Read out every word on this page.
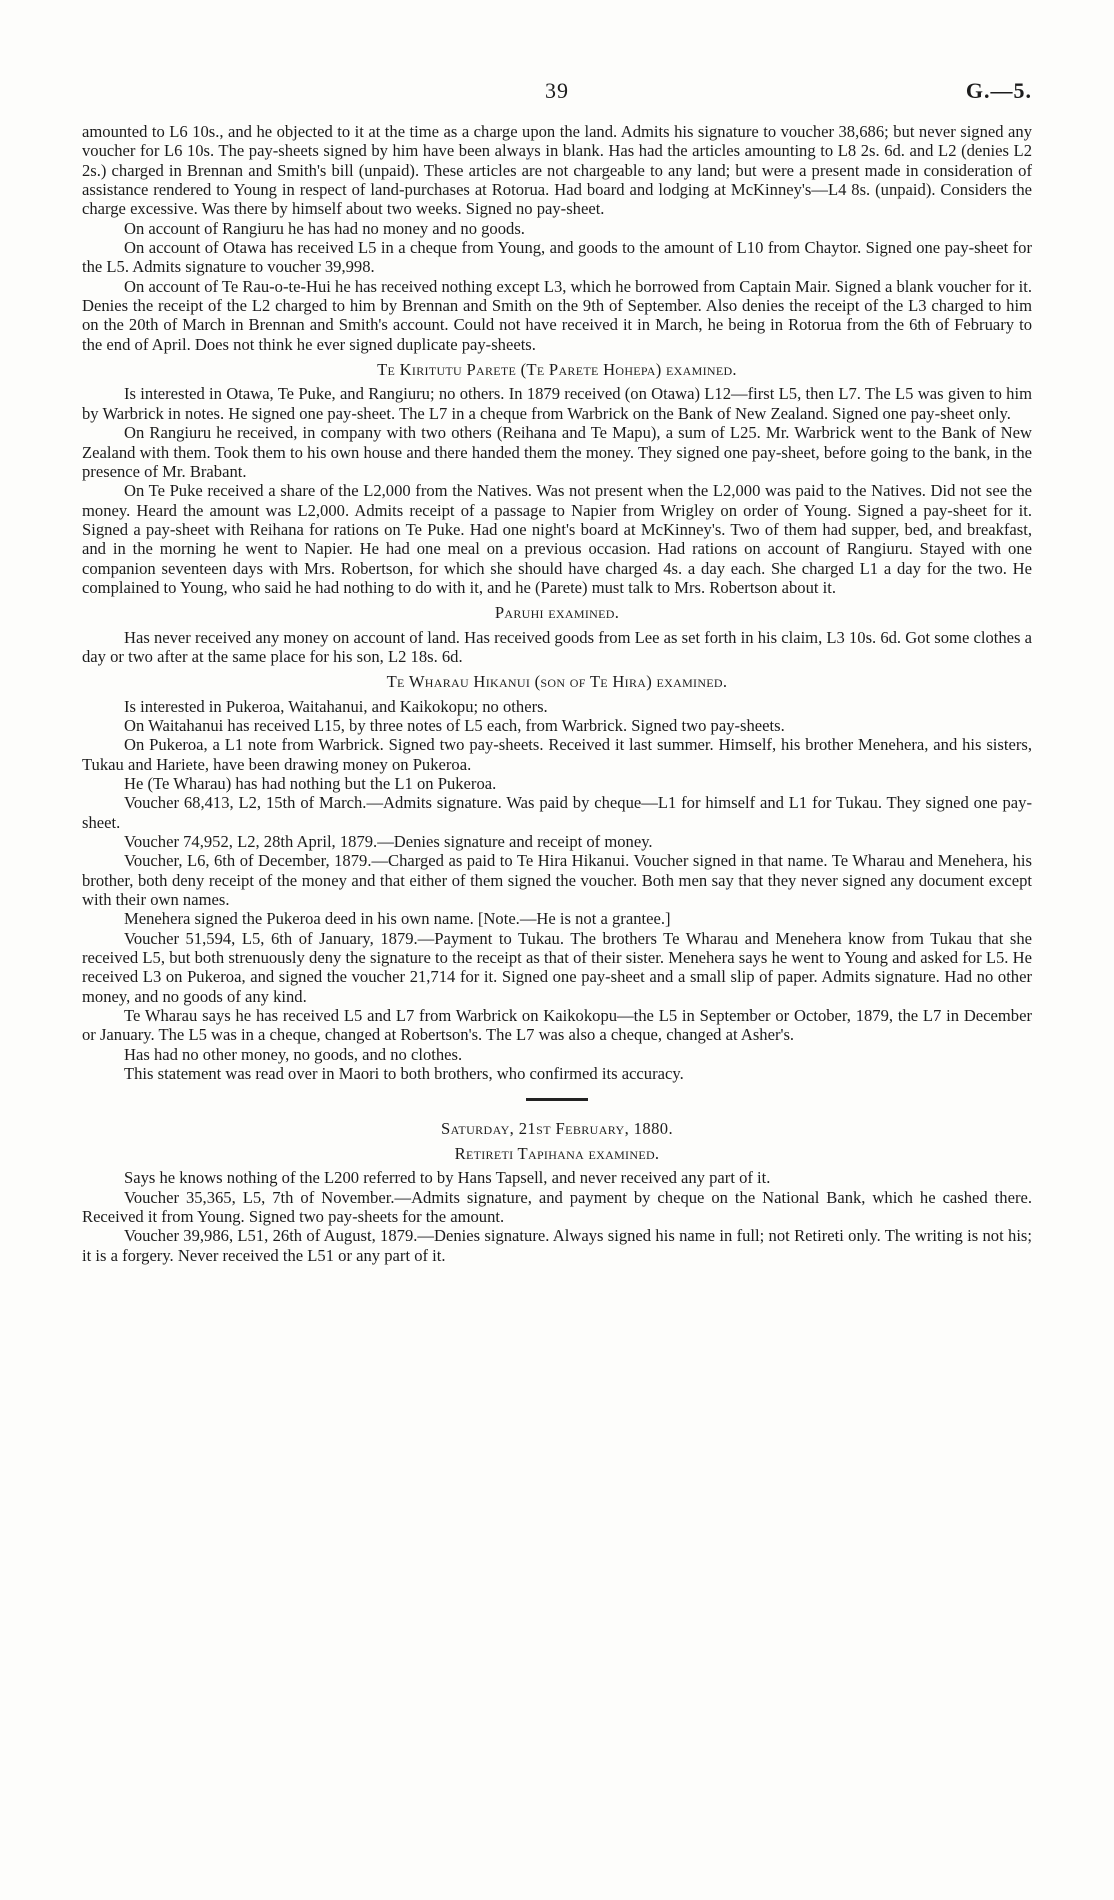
39	G.—5.

amounted to L6 10s., and he objected to it at the time as a charge upon the land. Admits his signature to voucher 38,686; but never signed any voucher for L6 10s. The pay-sheets signed by him have been always in blank. Has had the articles amounting to L8 2s. 6d. and L2 (denies L2 2s.) charged in Brennan and Smith's bill (unpaid). These articles are not chargeable to any land; but were a present made in consideration of assistance rendered to Young in respect of land-purchases at Rotorua. Had board and lodging at McKinney's—L4 8s. (unpaid). Considers the charge excessive. Was there by himself about two weeks. Signed no pay-sheet.

On account of Rangiuru he has had no money and no goods.

On account of Otawa has received L5 in a cheque from Young, and goods to the amount of L10 from Chaytor. Signed one pay-sheet for the L5. Admits signature to voucher 39,998.

On account of Te Rau-o-te-Hui he has received nothing except L3, which he borrowed from Captain Mair. Signed a blank voucher for it. Denies the receipt of the L2 charged to him by Brennan and Smith on the 9th of September. Also denies the receipt of the L3 charged to him on the 20th of March in Brennan and Smith's account. Could not have received it in March, he being in Rotorua from the 6th of February to the end of April. Does not think he ever signed duplicate pay-sheets.

Te Kiritutu Parete (Te Parete Hohepa) examined.

Is interested in Otawa, Te Puke, and Rangiuru; no others. In 1879 received (on Otawa) L12—first L5, then L7. The L5 was given to him by Warbrick in notes. He signed one pay-sheet. The L7 in a cheque from Warbrick on the Bank of New Zealand. Signed one pay-sheet only.

On Rangiuru he received, in company with two others (Reihana and Te Mapu), a sum of L25. Mr. Warbrick went to the Bank of New Zealand with them. Took them to his own house and there handed them the money. They signed one pay-sheet, before going to the bank, in the presence of Mr. Brabant.

On Te Puke received a share of the L2,000 from the Natives. Was not present when the L2,000 was paid to the Natives. Did not see the money. Heard the amount was L2,000. Admits receipt of a passage to Napier from Wrigley on order of Young. Signed a pay-sheet for it. Signed a pay-sheet with Reihana for rations on Te Puke. Had one night's board at McKinney's. Two of them had supper, bed, and breakfast, and in the morning he went to Napier. He had one meal on a previous occasion. Had rations on account of Rangiuru. Stayed with one companion seventeen days with Mrs. Robertson, for which she should have charged 4s. a day each. She charged L1 a day for the two. He complained to Young, who said he had nothing to do with it, and he (Parete) must talk to Mrs. Robertson about it.

Paruhi examined.

Has never received any money on account of land. Has received goods from Lee as set forth in his claim, L3 10s. 6d. Got some clothes a day or two after at the same place for his son, L2 18s. 6d.

Te Wharau Hikanui (son of Te Hira) examined.

Is interested in Pukeroa, Waitahanui, and Kaikokopu; no others.

On Waitahanui has received L15, by three notes of L5 each, from Warbrick. Signed two pay-sheets.

On Pukeroa, a L1 note from Warbrick. Signed two pay-sheets. Received it last summer. Himself, his brother Menehera, and his sisters, Tukau and Hariete, have been drawing money on Pukeroa.

He (Te Wharau) has had nothing but the L1 on Pukeroa.

Voucher 68,413, L2, 15th of March.—Admits signature. Was paid by cheque—L1 for himself and L1 for Tukau. They signed one pay-sheet.

Voucher 74,952, L2, 28th April, 1879.—Denies signature and receipt of money.

Voucher, L6, 6th of December, 1879.—Charged as paid to Te Hira Hikanui. Voucher signed in that name. Te Wharau and Menehera, his brother, both deny receipt of the money and that either of them signed the voucher. Both men say that they never signed any document except with their own names.

Menehera signed the Pukeroa deed in his own name. [Note.—He is not a grantee.]

Voucher 51,594, L5, 6th of January, 1879.—Payment to Tukau. The brothers Te Wharau and Menehera know from Tukau that she received L5, but both strenuously deny the signature to the receipt as that of their sister. Menehera says he went to Young and asked for L5. He received L3 on Pukeroa, and signed the voucher 21,714 for it. Signed one pay-sheet and a small slip of paper. Admits signature. Had no other money, and no goods of any kind.

Te Wharau says he has received L5 and L7 from Warbrick on Kaikokopu—the L5 in September or October, 1879, the L7 in December or January. The L5 was in a cheque, changed at Robertson's. The L7 was also a cheque, changed at Asher's.

Has had no other money, no goods, and no clothes.

This statement was read over in Maori to both brothers, who confirmed its accuracy.

Saturday, 21st February, 1880.
Retireti Tapihana examined.

Says he knows nothing of the L200 referred to by Hans Tapsell, and never received any part of it.

Voucher 35,365, L5, 7th of November.—Admits signature, and payment by cheque on the National Bank, which he cashed there. Received it from Young. Signed two pay-sheets for the amount.

Voucher 39,986, L51, 26th of August, 1879.—Denies signature. Always signed his name in full; not Retireti only. The writing is not his; it is a forgery. Never received the L51 or any part of it.
